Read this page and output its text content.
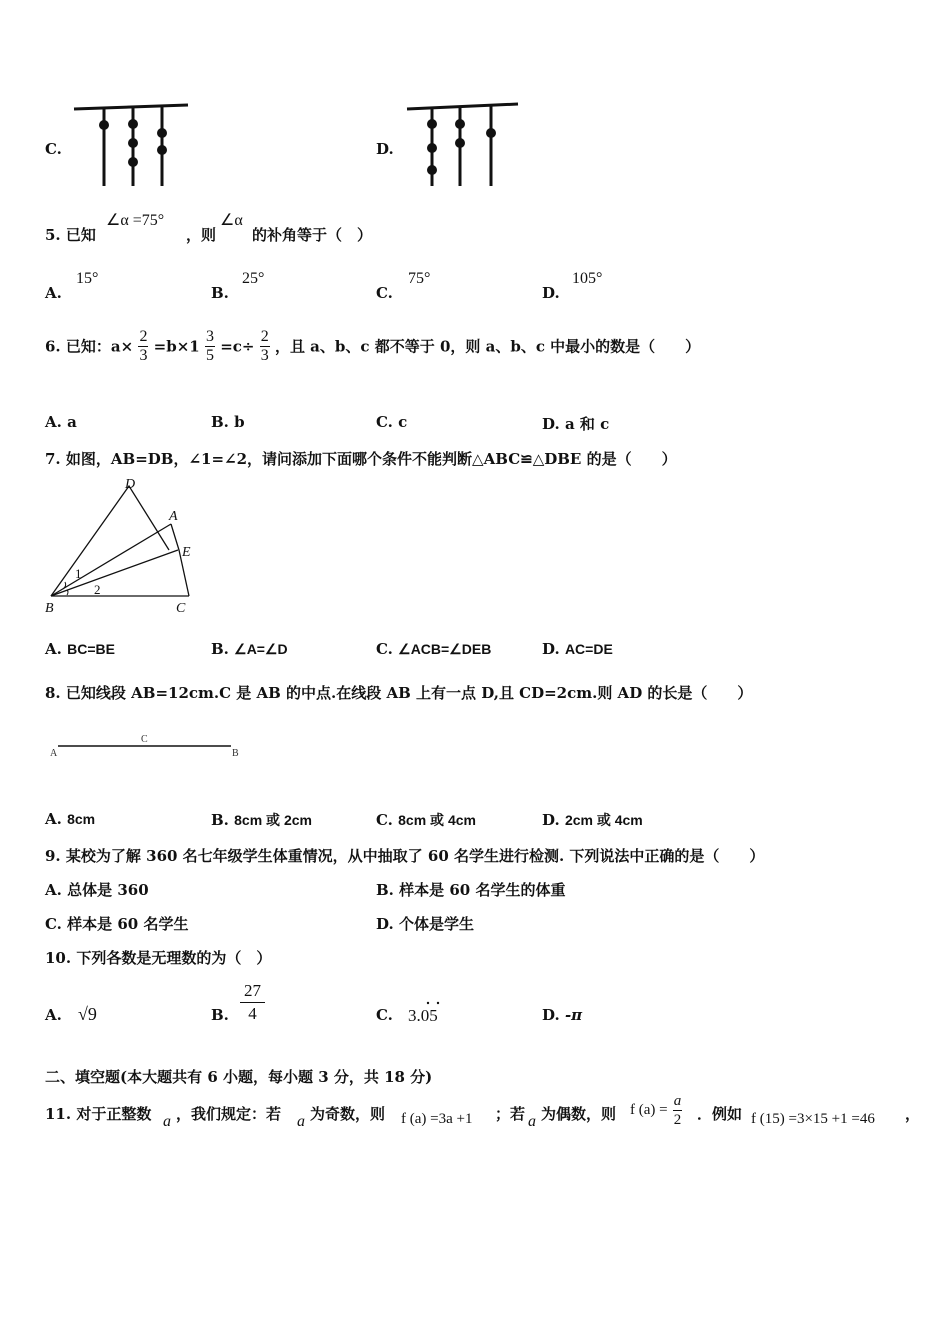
C.	D.
5. 已知
∠α =75°
，则
∠α
的补角等于（　）
A.
15°
B.
25°
C.
75°
D.
105°
6. 已知：$a\times \frac{2}{3} =b\times 1 \frac{3}{5} =c\div \frac{2}{3}$ ，且 a、b、c 都不等于 0，则 a、b、c 中最小的数是（　　）
A. a	B. b	C. c	D. a 和 c
7. 如图，AB=DB，∠1=∠2，请问添加下面哪个条件不能判断△ABC≌△DBE 的是（　　）
D
A
E
B	C
1
2
A. BC=BE	B. ∠A=∠D	C. ∠ACB=∠DEB	D. AC=DE
8. 已知线段 AB=12cm.C 是 AB 的中点.在线段 AB 上有一点 D,且 CD=2cm.则 AD 的长是（　　）
A
C
B
A. 8cm	B. 8cm 或 2cm	C. 8cm 或 4cm	D. 2cm 或 4cm
9. 某校为了解 360 名七年级学生体重情况，从中抽取了 60 名学生进行检测. 下列说法中正确的是（　　）
A. 总体是 360	B. 样本是 60 名学生的体重
C. 样本是 60 名学生	D. 个体是学生
10. 下列各数是无理数的为（　）
A. √9	B. $\frac{27}{4}$	C. 3.05	D. -π
二、填空题(本大题共有 6 小题，每小题 3 分，共 18 分)
11. 对于正整数 a ，我们规定：若 a 为奇数，则 f (a) =3a +1 ；若 a 为偶数，则 f $(a) = \frac{a}{2}$ ．例如 f (15) =3×15 +1 =46 ，
